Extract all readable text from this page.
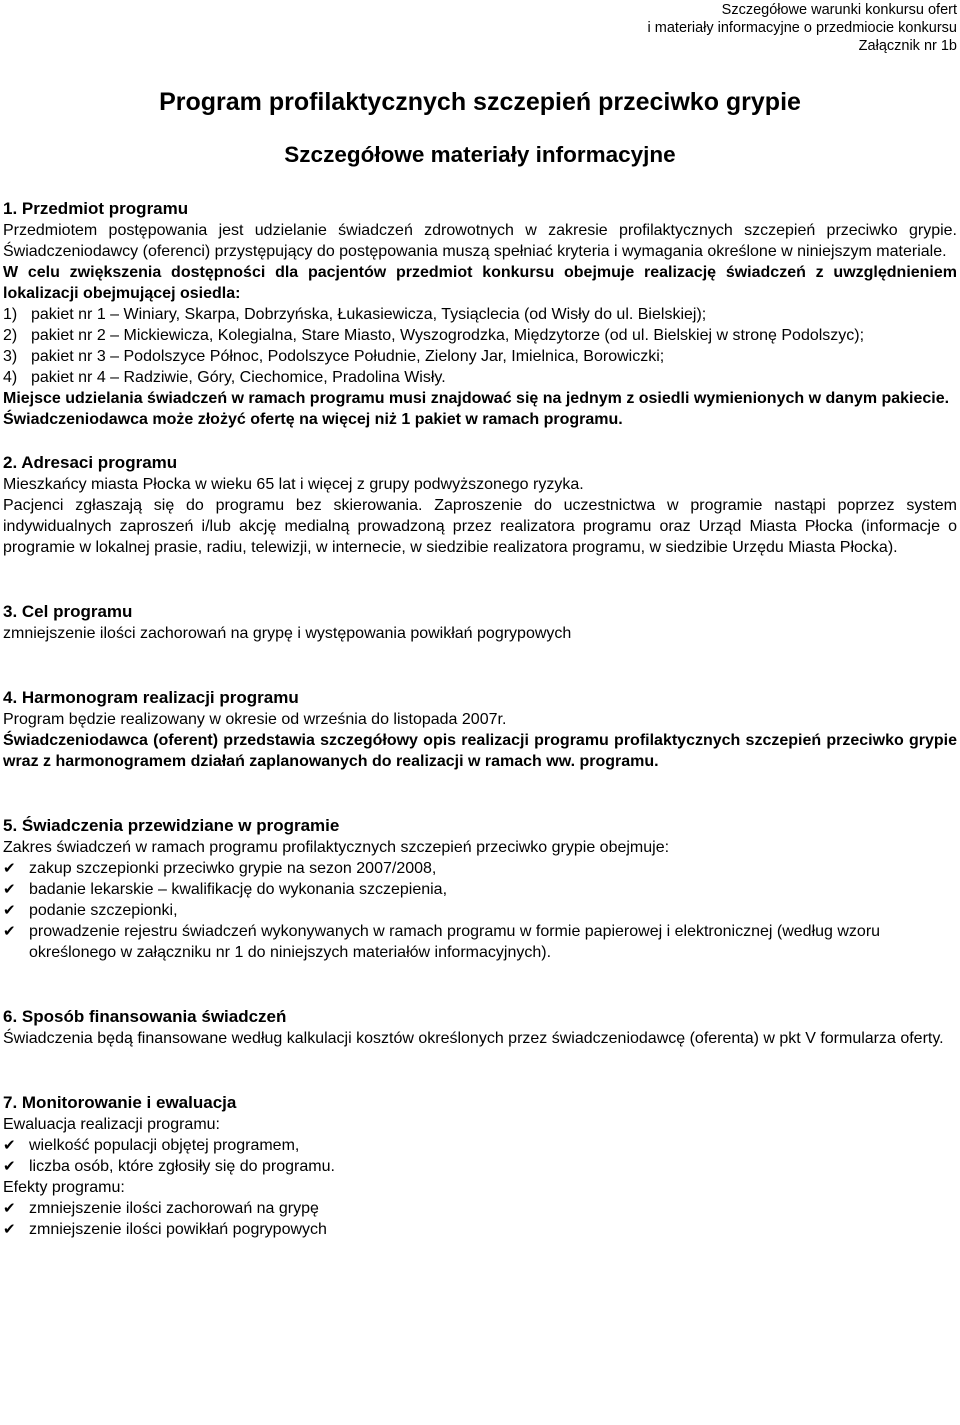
Szczegółowe warunki konkursu ofert
i materiały informacyjne o przedmiocie konkursu
Załącznik nr 1b
Program profilaktycznych szczepień przeciwko grypie
Szczegółowe materiały informacyjne
1. Przedmiot programu

Przedmiotem postępowania jest udzielanie świadczeń zdrowotnych w zakresie profilaktycznych szczepień przeciwko grypie. Świadczeniodawcy (oferenci) przystępujący do postępowania muszą spełniać kryteria i wymagania określone w niniejszym materiale.

W celu zwiększenia dostępności dla pacjentów przedmiot konkursu obejmuje realizację świadczeń z uwzględnieniem lokalizacji obejmującej osiedla:

1) pakiet nr 1 – Winiary, Skarpa, Dobrzyńska, Łukasiewicza, Tysiąclecia (od Wisły do ul. Bielskiej);
2) pakiet nr 2 – Mickiewicza, Kolegialna, Stare Miasto, Wyszogrodzka, Międzytorze (od ul. Bielskiej w stronę Podolszyc);
3) pakiet nr 3 – Podolszyce Północ, Podolszyce Południe, Zielony Jar, Imielnica, Borowiczki;
4) pakiet nr 4 – Radziwie, Góry, Ciechomice, Pradolina Wisły.

Miejsce udzielania świadczeń w ramach programu musi znajdować się na jednym z osiedli wymienionych w danym pakiecie.

Świadczeniodawca może złożyć ofertę na więcej niż 1 pakiet w ramach programu.

2. Adresaci programu

Mieszkańcy miasta Płocka w wieku 65 lat i więcej z grupy podwyższonego ryzyka.

Pacjenci zgłaszają się do programu bez skierowania. Zaproszenie do uczestnictwa w programie nastąpi poprzez system indywidualnych zaproszeń i/lub akcję medialną prowadzoną przez realizatora programu oraz Urząd Miasta Płocka (informacje o programie w lokalnej prasie, radiu, telewizji, w internecie, w siedzibie realizatora programu, w siedzibie Urzędu Miasta Płocka).

3. Cel programu

zmniejszenie ilości zachorowań na grypę i występowania powikłań pogrypowych

4. Harmonogram realizacji programu

Program będzie realizowany w okresie od września do listopada 2007r.

Świadczeniodawca (oferent) przedstawia szczegółowy opis realizacji programu profilaktycznych szczepień przeciwko grypie wraz z harmonogramem działań zaplanowanych do realizacji w ramach ww. programu.

5. Świadczenia przewidziane w programie

Zakres świadczeń w ramach programu profilaktycznych szczepień przeciwko grypie obejmuje:

✔ zakup szczepionki przeciwko grypie na sezon 2007/2008,
✔ badanie lekarskie – kwalifikację do wykonania szczepienia,
✔ podanie szczepionki,
✔ prowadzenie rejestru świadczeń wykonywanych w ramach programu w formie papierowej i elektronicznej (według wzoru określonego w załączniku nr 1 do niniejszych materiałów informacyjnych).
6. Sposób finansowania świadczeń

Świadczenia będą finansowane według kalkulacji kosztów określonych przez świadczeniodawcę (oferenta) w pkt V formularza oferty.

7. Monitorowanie i ewaluacja

Ewaluacja realizacji programu:

✔ wielkość populacji objętej programem,
✔ liczba osób, które zgłosiły się do programu.

Efekty programu:

✔ zmniejszenie ilości zachorowań na grypę
✔ zmniejszenie ilości powikłań pogrypowych
